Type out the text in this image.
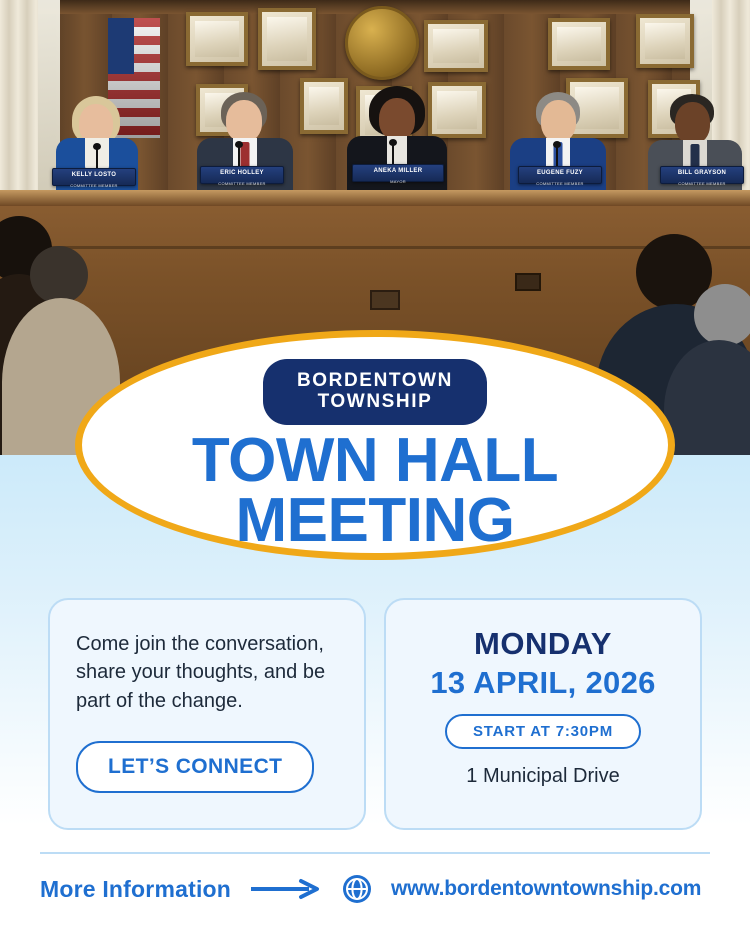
KELLY LOSTO
COMMITTEE MEMBER
ERIC HOLLEY
COMMITTEE MEMBER
ANEKA MILLER
MAYOR
EUGENE FUZY
COMMITTEE MEMBER
BILL GRAYSON
COMMITTEE MEMBER
BORDENTOWN
TOWNSHIP
TOWN HALL
MEETING

Come join the conversation, share your thoughts, and be part of the change.

LET’S CONNECT
MONDAY
13 APRIL, 2026
START AT 7:30PM
1 Municipal Drive
More Information	www.bordentowntownship.com
